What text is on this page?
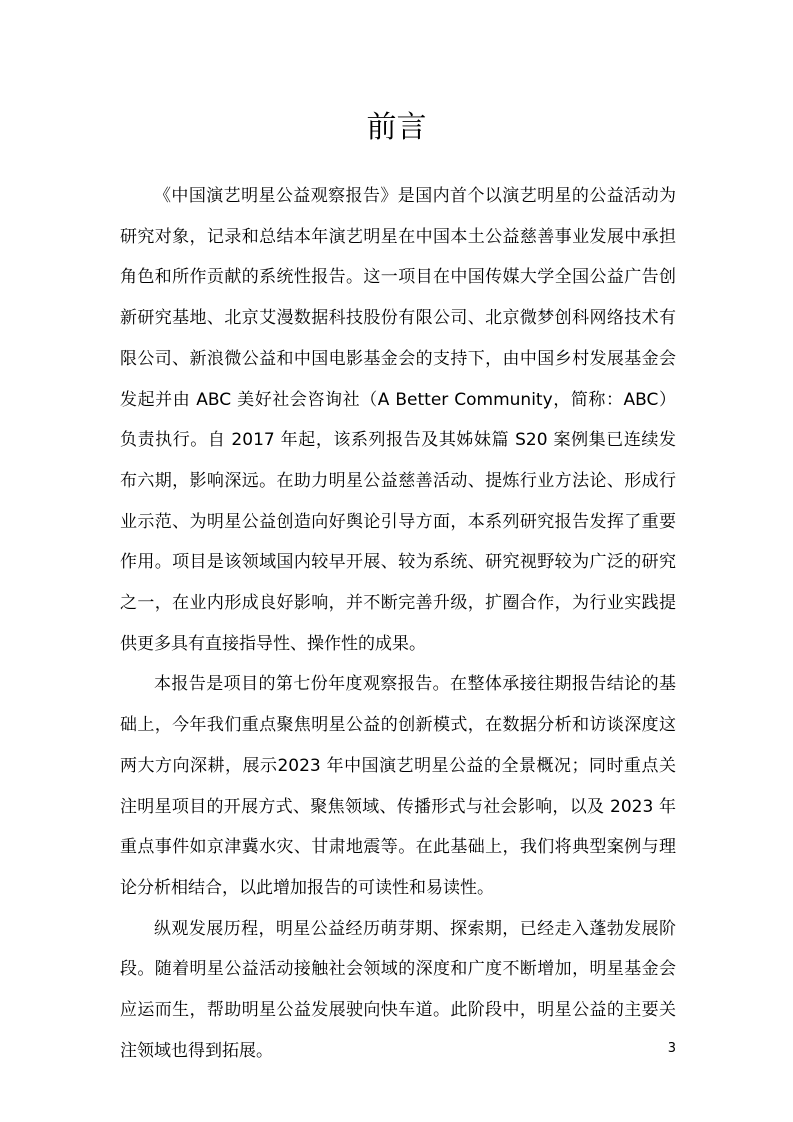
前言

《中国演艺明星公益观察报告》是国内首个以演艺明星的公益活动为研究对象，记录和总结本年演艺明星在中国本土公益慈善事业发展中承担角色和所作贡献的系统性报告。这一项目在中国传媒大学全国公益广告创新研究基地、北京艾漫数据科技股份有限公司、北京微梦创科网络技术有限公司、新浪微公益和中国电影基金会的支持下，由中国乡村发展基金会发起并由 ABC 美好社会咨询社（A Better Community，简称：ABC）负责执行。自 2017 年起，该系列报告及其姊妹篇 S20 案例集已连续发布六期，影响深远。在助力明星公益慈善活动、提炼行业方法论、形成行业示范、为明星公益创造向好舆论引导方面，本系列研究报告发挥了重要作用。项目是该领域国内较早开展、较为系统、研究视野较为广泛的研究之一，在业内形成良好影响，并不断完善升级，扩圈合作，为行业实践提供更多具有直接指导性、操作性的成果。

本报告是项目的第七份年度观察报告。在整体承接往期报告结论的基础上，今年我们重点聚焦明星公益的创新模式，在数据分析和访谈深度这两大方向深耕，展示2023 年中国演艺明星公益的全景概况；同时重点关注明星项目的开展方式、聚焦领域、传播形式与社会影响，以及 2023 年重点事件如京津冀水灾、甘肃地震等。在此基础上，我们将典型案例与理论分析相结合，以此增加报告的可读性和易读性。

纵观发展历程，明星公益经历萌芽期、探索期，已经走入蓬勃发展阶段。随着明星公益活动接触社会领域的深度和广度不断增加，明星基金会应运而生，帮助明星公益发展驶向快车道。此阶段中，明星公益的主要关注领域也得到拓展。	3
